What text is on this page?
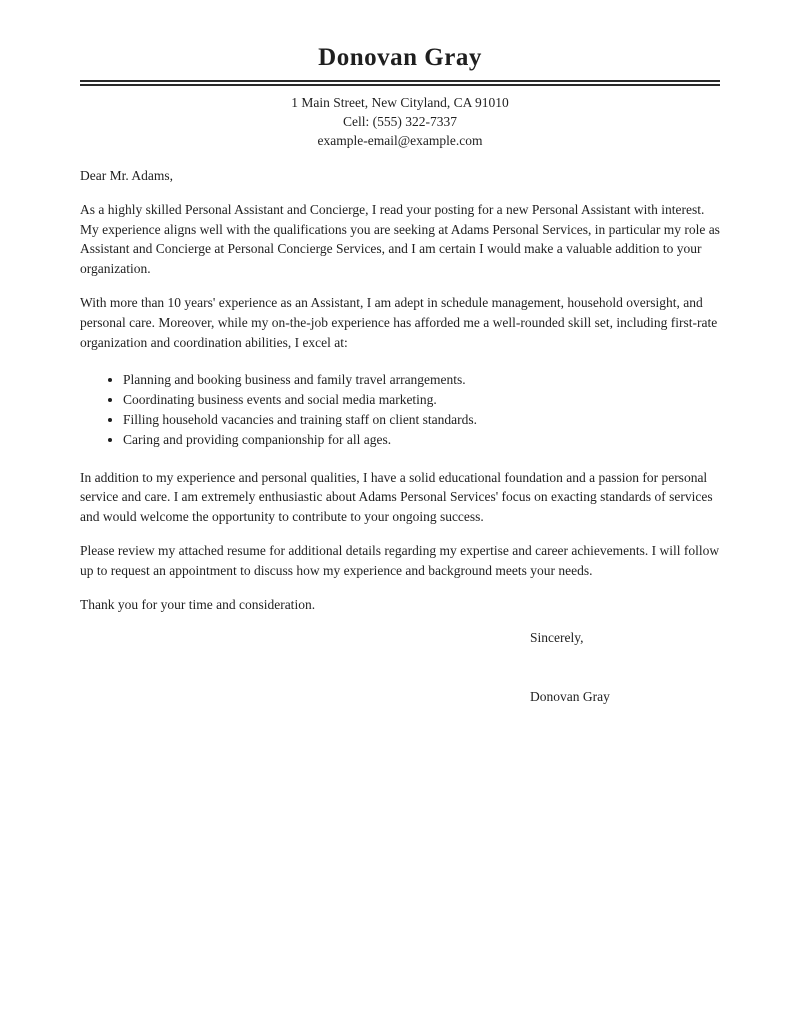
Donovan Gray
1 Main Street, New Cityland, CA 91010
Cell: (555) 322-7337
example-email@example.com

Dear Mr. Adams,

As a highly skilled Personal Assistant and Concierge, I read your posting for a new Personal Assistant with interest. My experience aligns well with the qualifications you are seeking at Adams Personal Services, in particular my role as Assistant and Concierge at Personal Concierge Services, and I am certain I would make a valuable addition to your organization.

With more than 10 years' experience as an Assistant, I am adept in schedule management, household oversight, and personal care. Moreover, while my on-the-job experience has afforded me a well-rounded skill set, including first-rate organization and coordination abilities, I excel at:

• Planning and booking business and family travel arrangements.
• Coordinating business events and social media marketing.
• Filling household vacancies and training staff on client standards.
• Caring and providing companionship for all ages.

In addition to my experience and personal qualities, I have a solid educational foundation and a passion for personal service and care. I am extremely enthusiastic about Adams Personal Services' focus on exacting standards of services and would welcome the opportunity to contribute to your ongoing success.

Please review my attached resume for additional details regarding my expertise and career achievements. I will follow up to request an appointment to discuss how my experience and background meets your needs.

Thank you for your time and consideration.

Sincerely,

Donovan Gray
